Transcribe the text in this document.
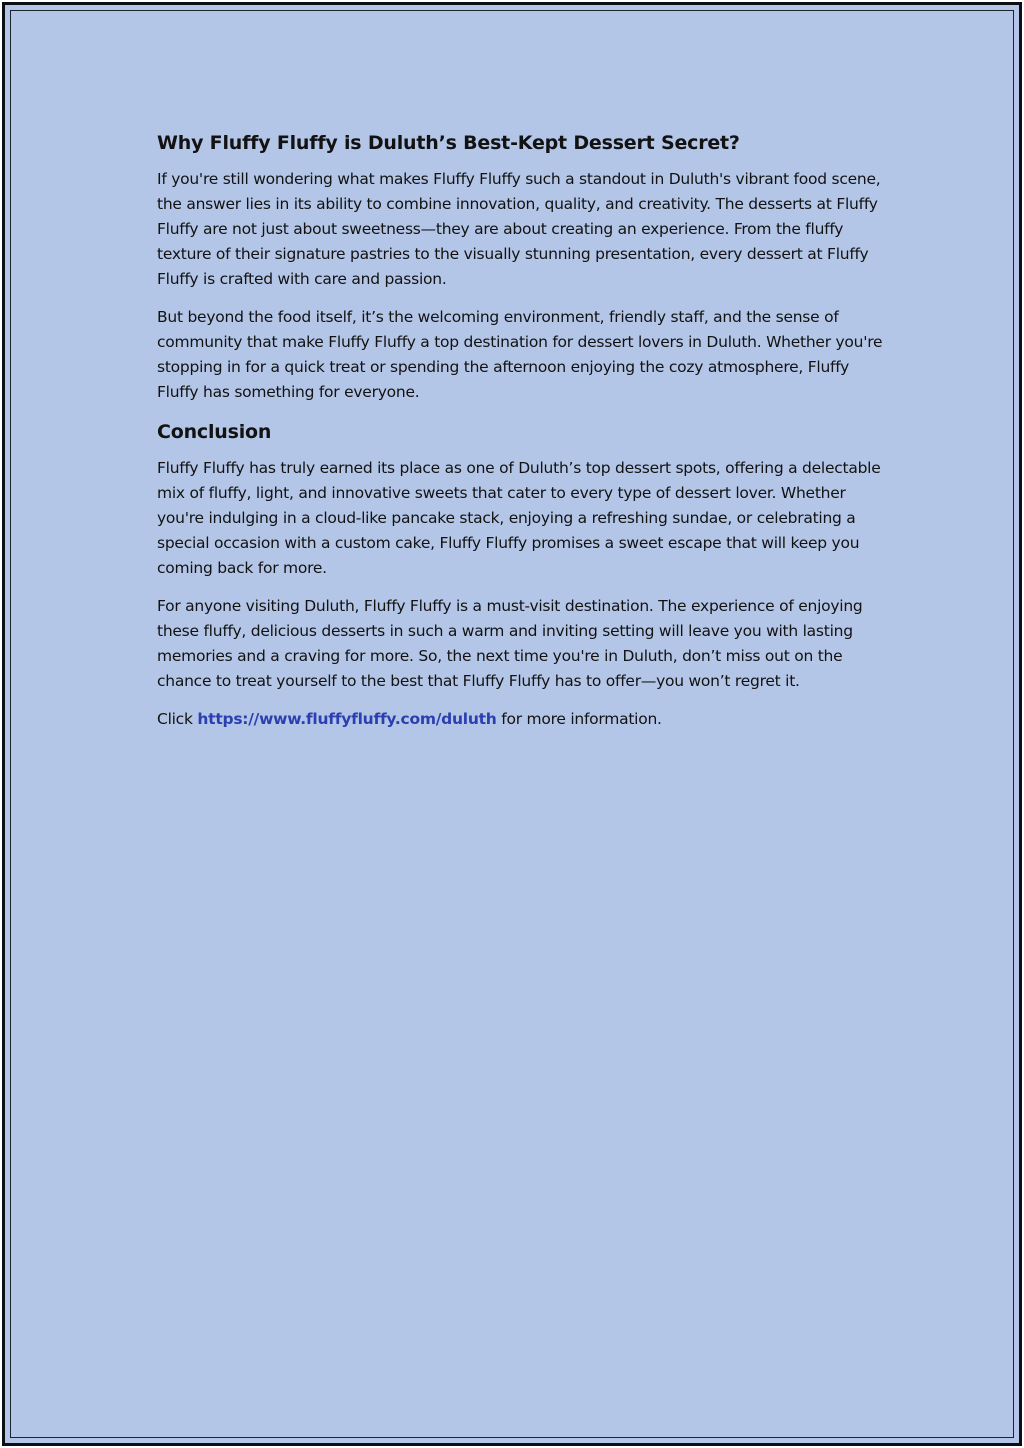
Why Fluffy Fluffy is Duluth’s Best-Kept Dessert Secret?

If you're still wondering what makes Fluffy Fluffy such a standout in Duluth's vibrant food scene, the answer lies in its ability to combine innovation, quality, and creativity. The desserts at Fluffy Fluffy are not just about sweetness—they are about creating an experience. From the fluffy texture of their signature pastries to the visually stunning presentation, every dessert at Fluffy Fluffy is crafted with care and passion.

But beyond the food itself, it’s the welcoming environment, friendly staff, and the sense of community that make Fluffy Fluffy a top destination for dessert lovers in Duluth. Whether you're stopping in for a quick treat or spending the afternoon enjoying the cozy atmosphere, Fluffy Fluffy has something for everyone.

Conclusion

Fluffy Fluffy has truly earned its place as one of Duluth’s top dessert spots, offering a delectable mix of fluffy, light, and innovative sweets that cater to every type of dessert lover. Whether you're indulging in a cloud-like pancake stack, enjoying a refreshing sundae, or celebrating a special occasion with a custom cake, Fluffy Fluffy promises a sweet escape that will keep you coming back for more.

For anyone visiting Duluth, Fluffy Fluffy is a must-visit destination. The experience of enjoying these fluffy, delicious desserts in such a warm and inviting setting will leave you with lasting memories and a craving for more. So, the next time you're in Duluth, don’t miss out on the chance to treat yourself to the best that Fluffy Fluffy has to offer—you won’t regret it.

Click https://www.fluffyfluffy.com/duluth for more information.
